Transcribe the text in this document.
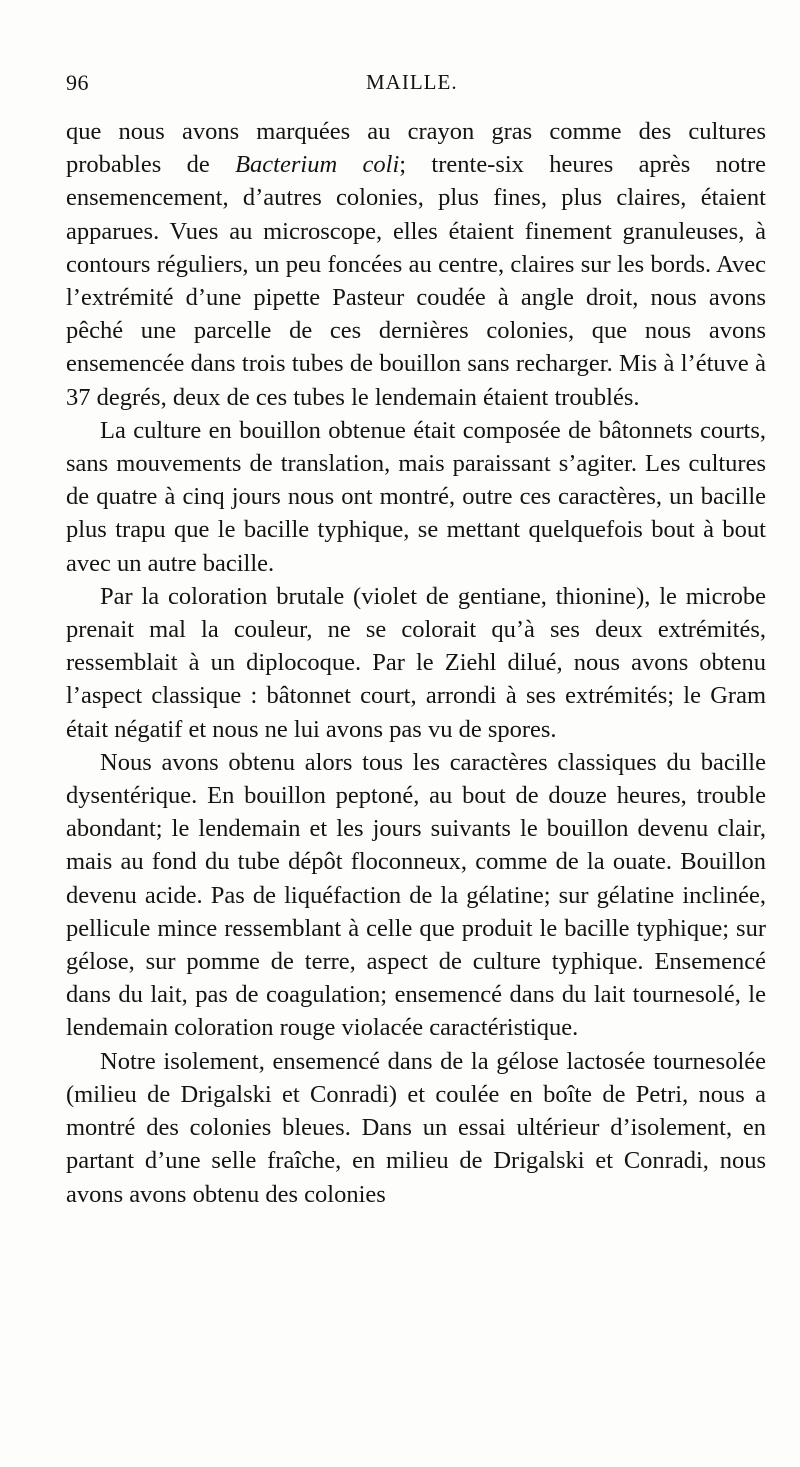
96	MAILLE.

que nous avons marquées au crayon gras comme des cultures probables de Bacterium coli; trente-six heures après notre ensemencement, d’autres colonies, plus fines, plus claires, étaient apparues. Vues au microscope, elles étaient finement granuleuses, à contours réguliers, un peu foncées au centre, claires sur les bords. Avec l’extrémité d’une pipette Pasteur coudée à angle droit, nous avons pêché une parcelle de ces dernières colonies, que nous avons ensemencée dans trois tubes de bouillon sans recharger. Mis à l’étuve à 37 degrés, deux de ces tubes le lendemain étaient troublés.

La culture en bouillon obtenue était composée de bâtonnets courts, sans mouvements de translation, mais paraissant s’agiter. Les cultures de quatre à cinq jours nous ont montré, outre ces caractères, un bacille plus trapu que le bacille typhique, se mettant quelquefois bout à bout avec un autre bacille.

Par la coloration brutale (violet de gentiane, thionine), le microbe prenait mal la couleur, ne se colorait qu’à ses deux extrémités, ressemblait à un diplocoque. Par le Ziehl dilué, nous avons obtenu l’aspect classique : bâtonnet court, arrondi à ses extrémités; le Gram était négatif et nous ne lui avons pas vu de spores.

Nous avons obtenu alors tous les caractères classiques du bacille dysentérique. En bouillon peptoné, au bout de douze heures, trouble abondant; le lendemain et les jours suivants le bouillon devenu clair, mais au fond du tube dépôt floconneux, comme de la ouate. Bouillon devenu acide. Pas de liquéfaction de la gélatine; sur gélatine inclinée, pellicule mince ressemblant à celle que produit le bacille typhique; sur gélose, sur pomme de terre, aspect de culture typhique. Ensemencé dans du lait, pas de coagulation; ensemencé dans du lait tournesolé, le lendemain coloration rouge violacée caractéristique.

Notre isolement, ensemencé dans de la gélose lactosée tournesolée (milieu de Drigalski et Conradi) et coulée en boîte de Petri, nous a montré des colonies bleues. Dans un essai ultérieur d’isolement, en partant d’une selle fraîche, en milieu de Drigalski et Conradi, nous avons avons obtenu des colonies
